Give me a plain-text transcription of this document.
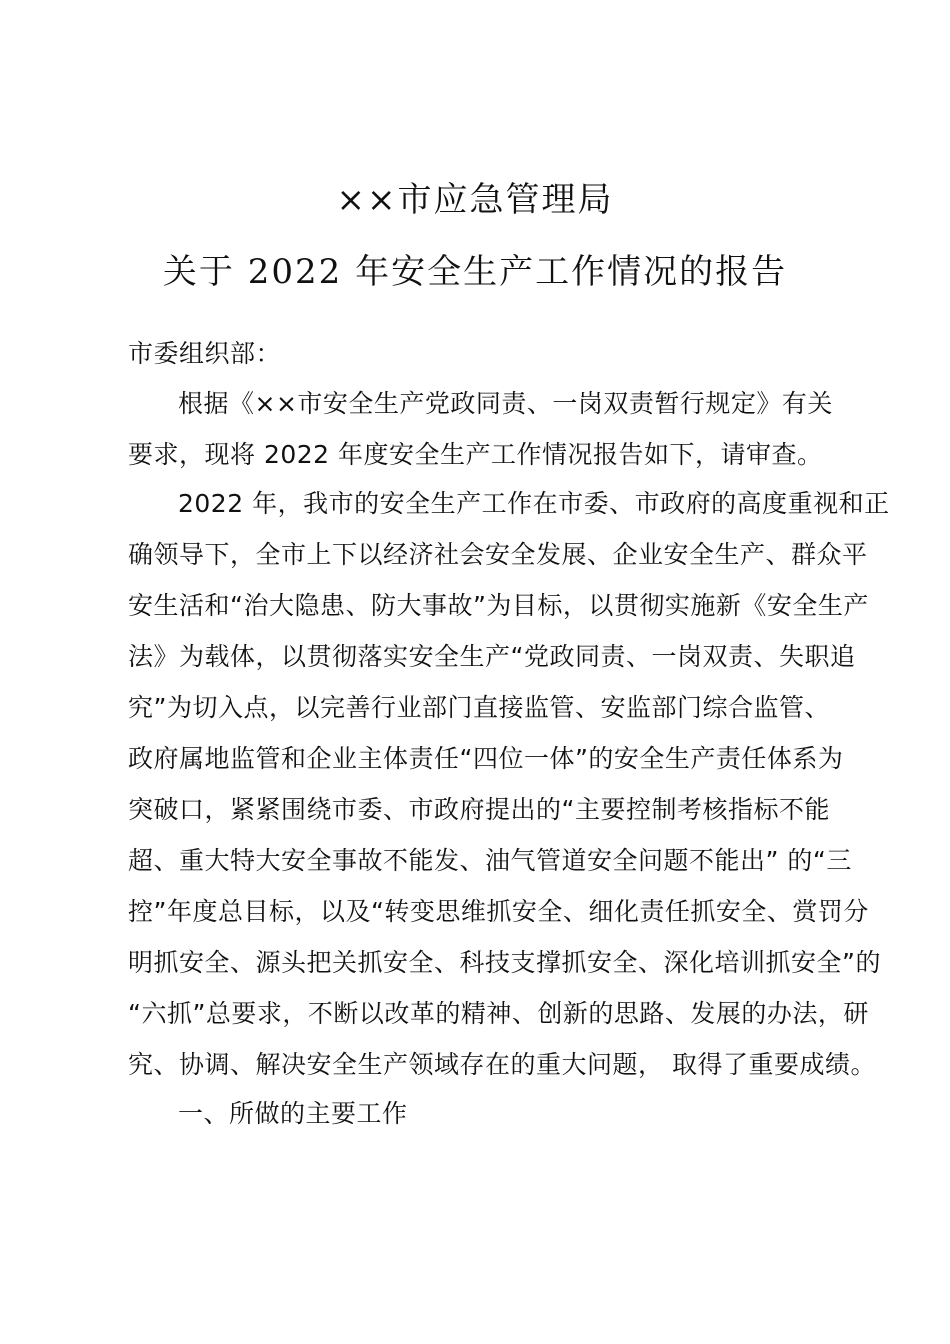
××市应急管理局
关于 2022 年安全生产工作情况的报告
市委组织部：
根据《××市安全生产党政同责、一岗双责暂行规定》有关
要求，现将 2022 年度安全生产工作情况报告如下，请审查。
2022 年，我市的安全生产工作在市委、市政府的高度重视和正
确领导下，全市上下以经济社会安全发展、企业安全生产、群众平
安生活和“治大隐患、防大事故”为目标，以贯彻实施新《安全生产
法》为载体，以贯彻落实安全生产“党政同责、一岗双责、失职追
究”为切入点，以完善行业部门直接监管、安监部门综合监管、
政府属地监管和企业主体责任“四位一体”的安全生产责任体系为
突破口，紧紧围绕市委、市政府提出的“主要控制考核指标不能
超、重大特大安全事故不能发、油气管道安全问题不能出” 的“三
控”年度总目标，以及“转变思维抓安全、细化责任抓安全、赏罚分
明抓安全、源头把关抓安全、科技支撑抓安全、深化培训抓安全”的
“六抓”总要求，不断以改革的精神、创新的思路、发展的办法，研
究、协调、解决安全生产领域存在的重大问题， 取得了重要成绩。
一、所做的主要工作
